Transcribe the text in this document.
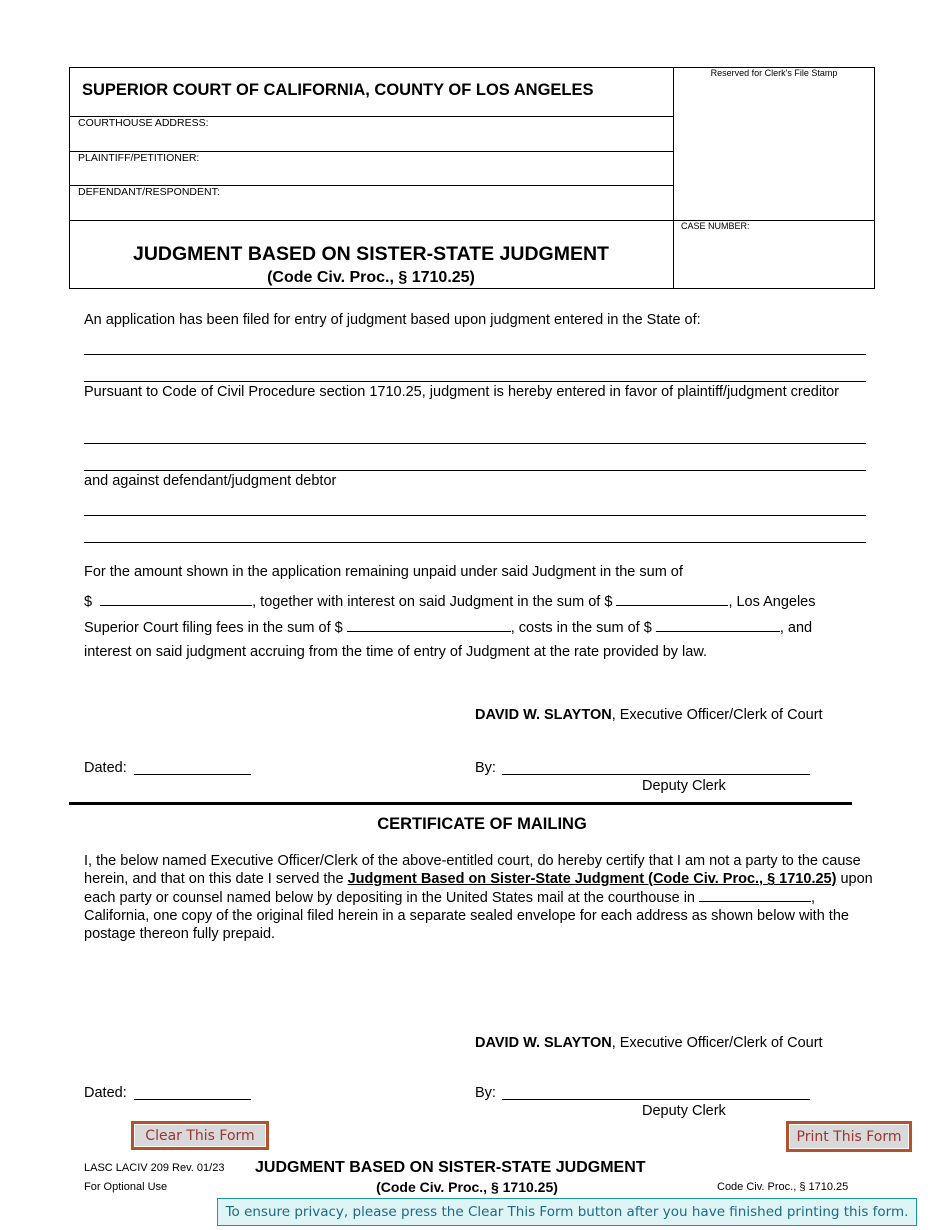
SUPERIOR COURT OF CALIFORNIA, COUNTY OF LOS ANGELES
Reserved for Clerk's File Stamp
COURTHOUSE ADDRESS:
PLAINTIFF/PETITIONER:
DEFENDANT/RESPONDENT:
CASE NUMBER:
JUDGMENT BASED ON SISTER-STATE JUDGMENT
(Code Civ. Proc., § 1710.25)
An application has been filed for entry of judgment based upon judgment entered in the State of:
Pursuant to Code of Civil Procedure section 1710.25, judgment is hereby entered in favor of plaintiff/judgment creditor
and against defendant/judgment debtor
For the amount shown in the application remaining unpaid under said Judgment in the sum of
$	, together with interest on said Judgment in the sum of $	, Los Angeles
Superior Court filing fees in the sum of $	, costs in the sum of $	, and
interest on said judgment accruing from the time of entry of Judgment at the rate provided by law.
DAVID W. SLAYTON, Executive Officer/Clerk of Court
Dated:	By:
Deputy Clerk
CERTIFICATE OF MAILING
I, the below named Executive Officer/Clerk of the above-entitled court, do hereby certify that I am not a party to the cause herein, and that on this date I served the Judgment Based on Sister-State Judgment (Code Civ. Proc., § 1710.25) upon each party or counsel named below by depositing in the United States mail at the courthouse in	, California, one copy of the original filed herein in a separate sealed envelope for each address as shown below with the postage thereon fully prepaid.
DAVID W. SLAYTON, Executive Officer/Clerk of Court
Dated:	By:
Deputy Clerk
Clear This Form	Print This Form
LASC LACIV 209 Rev. 01/23
For Optional Use
JUDGMENT BASED ON SISTER-STATE JUDGMENT
(Code Civ. Proc., § 1710.25)	Code Civ. Proc., § 1710.25
To ensure privacy, please press the Clear This Form button after you have finished printing this form.
